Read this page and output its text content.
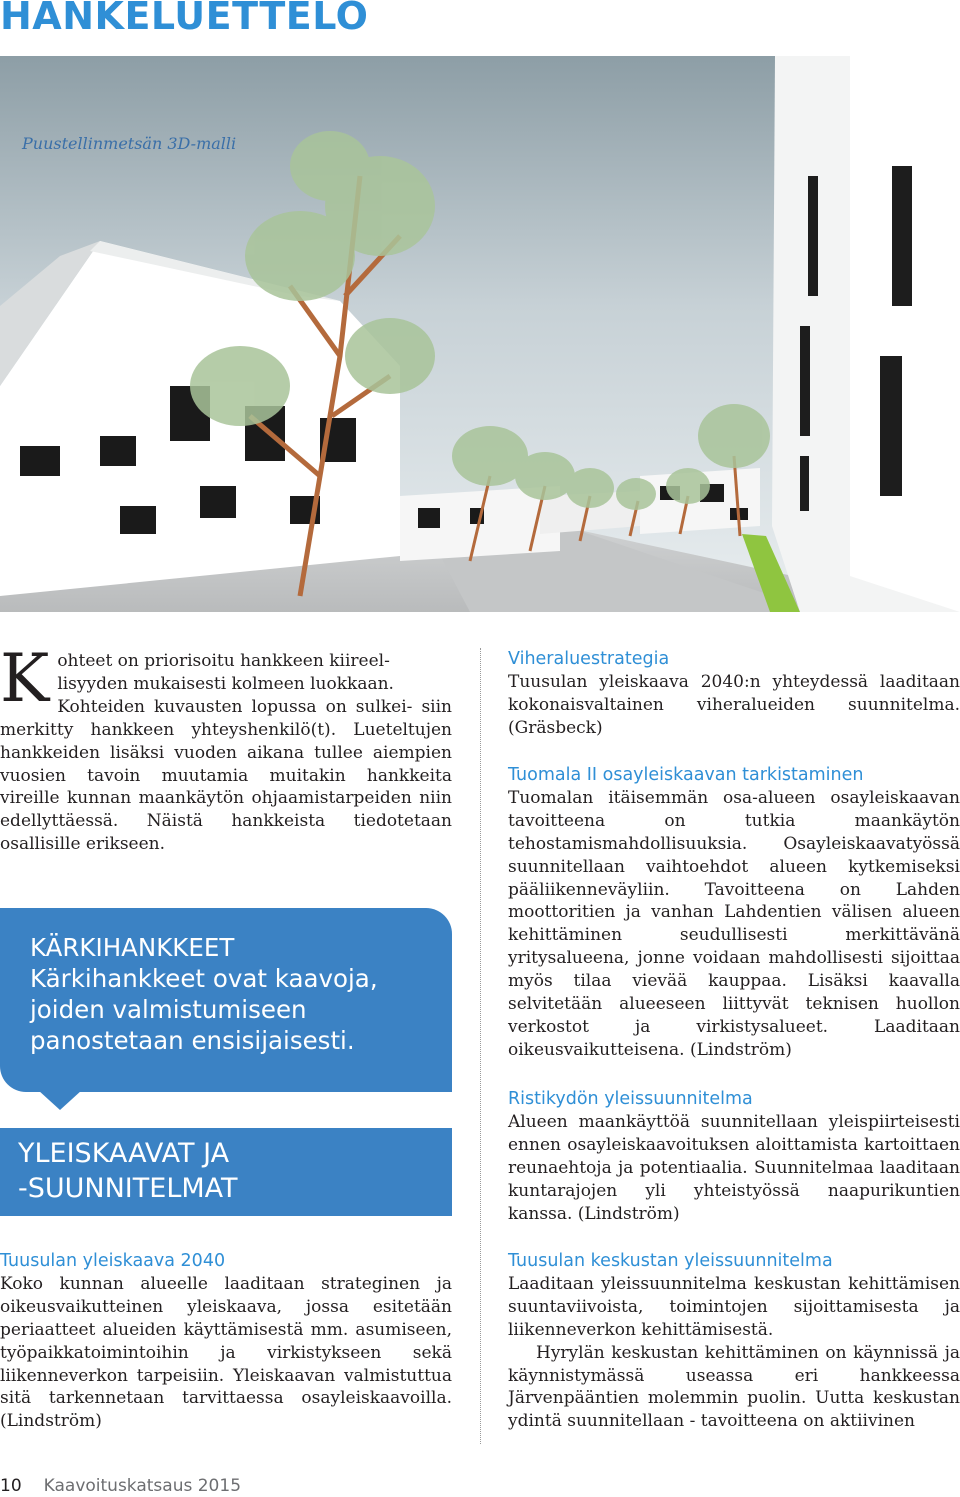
HANKELUETTELO
Puustellinmetsän 3D-malli
K ohteet on priorisoitu hankkeen kiireel-
lisyyden mukaisesti kolmeen luokkaan.
Kohteiden kuvausten lopussa on sulkei- siin merkitty hankkeen yhteyshenkilö(t). Lueteltujen hankkeiden lisäksi vuoden aikana tullee aiempien vuosien tavoin muutamia muitakin hankkeita vireille kunnan maankäytön ohjaamistarpeiden niin edellyttäessä. Näistä hankkeista tiedotetaan osallisille erikseen.

KÄRKIHANKKEET
Kärkihankkeet ovat kaavoja, joiden valmistumiseen panostetaan ensisijaisesti.
YLEISKAAVAT JA
-SUUNNITELMAT
Tuusulan yleiskaava 2040

Koko kunnan alueelle laaditaan strateginen ja oikeusvaikutteinen yleiskaava, jossa esitetään periaatteet alueiden käyttämisestä mm. asumiseen, työpaikkatoimintoihin ja virkistykseen sekä liikenneverkon tarpeisiin. Yleiskaavan valmistuttua sitä tarkennetaan tarvittaessa osayleiskaavoilla. (Lindström)

Viheraluestrategia

Tuusulan yleiskaava 2040:n yhteydessä laaditaan kokonaisvaltainen viheralueiden suunnitelma. (Gräsbeck)

Tuomala II osayleiskaavan tarkistaminen

Tuomalan itäisemmän osa-alueen osayleiskaavan tavoitteena on tutkia maankäytön tehostamismahdollisuuksia. Osayleiskaavatyössä suunnitellaan vaihtoehdot alueen kytkemiseksi pääliikenneväyliin. Tavoitteena on Lahden moottoritien ja vanhan Lahdentien välisen alueen kehittäminen seudullisesti merkittävänä yritysalueena, jonne voidaan mahdollisesti sijoittaa myös tilaa vievää kauppaa. Lisäksi kaavalla selvitetään alueeseen liittyvät teknisen huollon verkostot ja virkistysalueet. Laaditaan oikeusvaikutteisena. (Lindström)

Ristikydön yleissuunnitelma

Alueen maankäyttöä suunnitellaan yleispiirteisesti ennen osayleiskaavoituksen aloittamista kartoittaen reunaehtoja ja potentiaalia. Suunnitelmaa laaditaan kuntarajojen yli yhteistyössä naapurikuntien kanssa. (Lindström)

Tuusulan keskustan yleissuunnitelma

Laaditaan yleissuunnitelma keskustan kehittämisen suuntaviivoista, toimintojen sijoittamisesta ja liikenneverkon kehittämisestä.

Hyrylän keskustan kehittäminen on käynnissä ja käynnistymässä useassa eri hankkeessa Järvenpääntien molemmin puolin. Uutta keskustan ydintä suunnitellaan - tavoitteena on aktiivinen

10 Kaavoituskatsaus 2015
